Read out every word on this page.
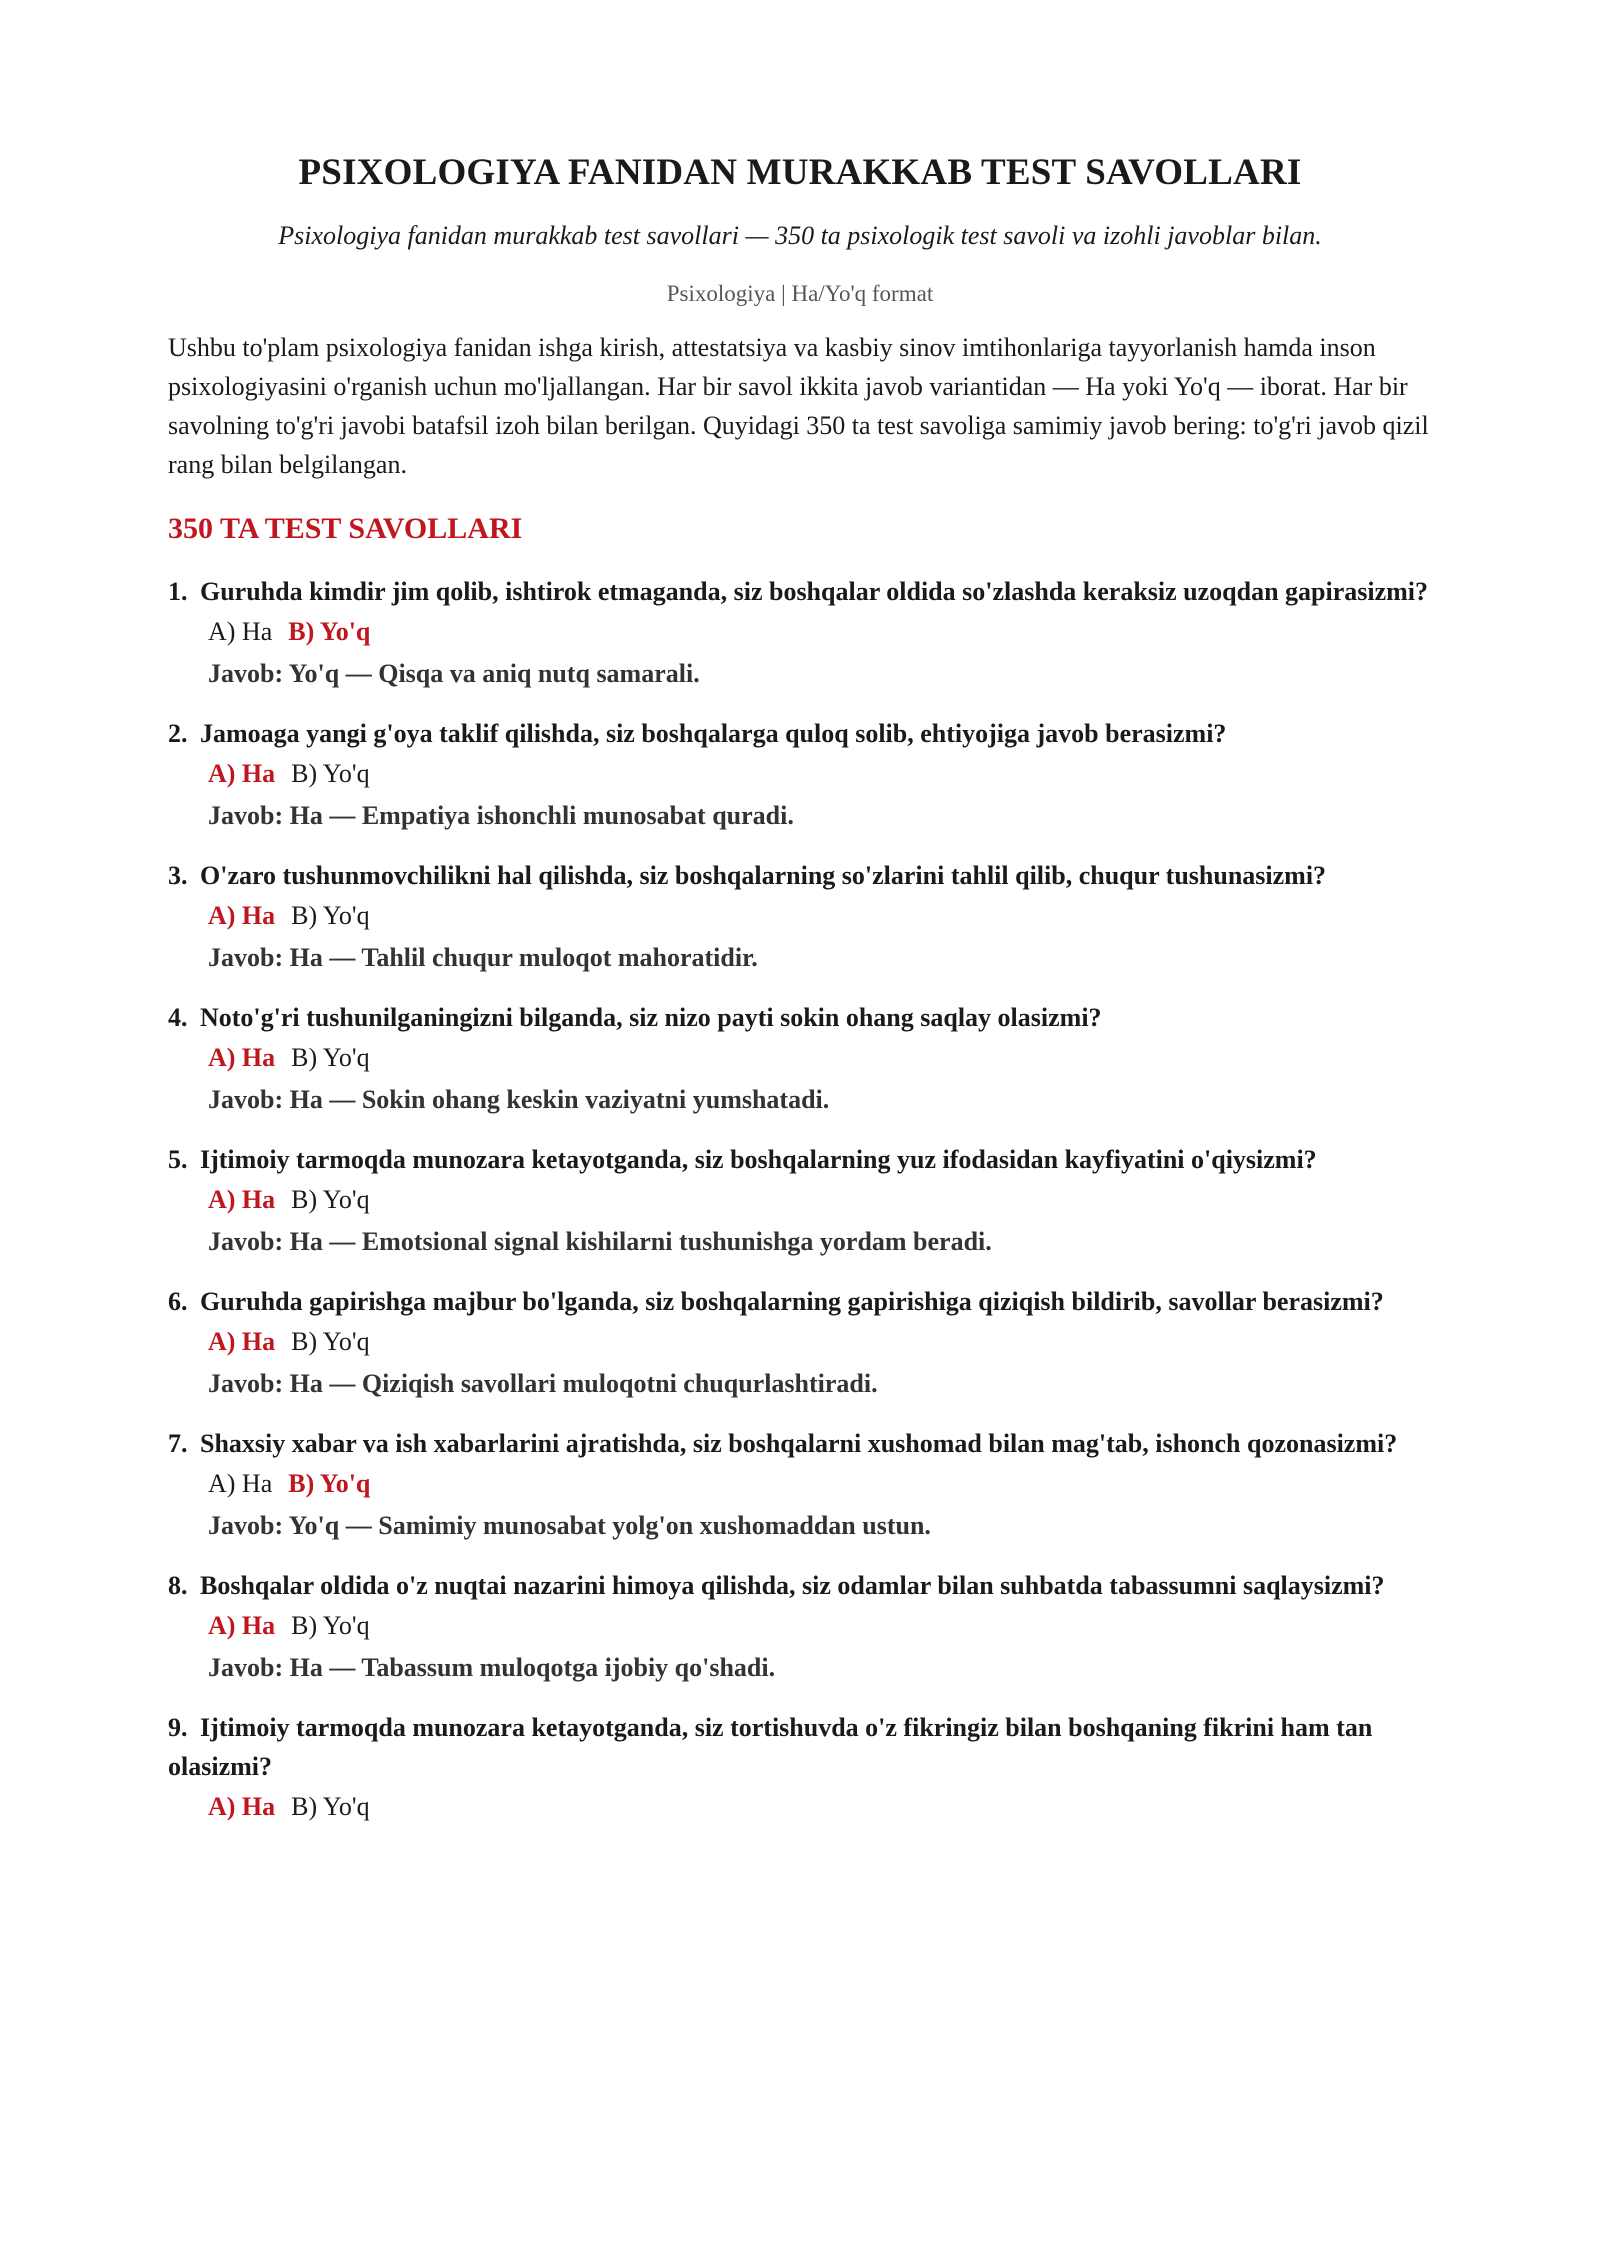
PSIXOLOGIYA FANIDAN MURAKKAB TEST SAVOLLARI

Psixologiya fanidan murakkab test savollari — 350 ta psixologik test savoli va izohli javoblar bilan.

Psixologiya | Ha/Yo'q format

Ushbu to'plam psixologiya fanidan ishga kirish, attestatsiya va kasbiy sinov imtihonlariga tayyorlanish hamda inson psixologiyasini o'rganish uchun mo'ljallangan. Har bir savol ikkita javob variantidan — Ha yoki Yo'q — iborat. Har bir savolning to'g'ri javobi batafsil izoh bilan berilgan. Quyidagi 350 ta test savoliga samimiy javob bering: to'g'ri javob qizil rang bilan belgilangan.

350 TA TEST SAVOLLARI
1. Guruhda kimdir jim qolib, ishtirok etmaganda, siz boshqalar oldida so'zlashda keraksiz uzoqdan gapirasizmi?
A) Ha B) Yo'q
Javob: Yo'q — Qisqa va aniq nutq samarali.
2. Jamoaga yangi g'oya taklif qilishda, siz boshqalarga quloq solib, ehtiyojiga javob berasizmi?
A) Ha B) Yo'q
Javob: Ha — Empatiya ishonchli munosabat quradi.
3. O'zaro tushunmovchilikni hal qilishda, siz boshqalarning so'zlarini tahlil qilib, chuqur tushunasizmi?
A) Ha B) Yo'q
Javob: Ha — Tahlil chuqur muloqot mahoratidir.
4. Noto'g'ri tushunilganingizni bilganda, siz nizo payti sokin ohang saqlay olasizmi?
A) Ha B) Yo'q
Javob: Ha — Sokin ohang keskin vaziyatni yumshatadi.
5. Ijtimoiy tarmoqda munozara ketayotganda, siz boshqalarning yuz ifodasidan kayfiyatini o'qiysizmi?
A) Ha B) Yo'q
Javob: Ha — Emotsional signal kishilarni tushunishga yordam beradi.
6. Guruhda gapirishga majbur bo'lganda, siz boshqalarning gapirishiga qiziqish bildirib, savollar berasizmi?
A) Ha B) Yo'q
Javob: Ha — Qiziqish savollari muloqotni chuqurlashtiradi.
7. Shaxsiy xabar va ish xabarlarini ajratishda, siz boshqalarni xushomad bilan mag'tab, ishonch qozonasizmi?
A) Ha B) Yo'q
Javob: Yo'q — Samimiy munosabat yolg'on xushomaddan ustun.
8. Boshqalar oldida o'z nuqtai nazarini himoya qilishda, siz odamlar bilan suhbatda tabassumni saqlaysizmi?
A) Ha B) Yo'q
Javob: Ha — Tabassum muloqotga ijobiy qo'shadi.
9. Ijtimoiy tarmoqda munozara ketayotganda, siz tortishuvda o'z fikringiz bilan boshqaning fikrini ham tan olasizmi?
A) Ha B) Yo'q
